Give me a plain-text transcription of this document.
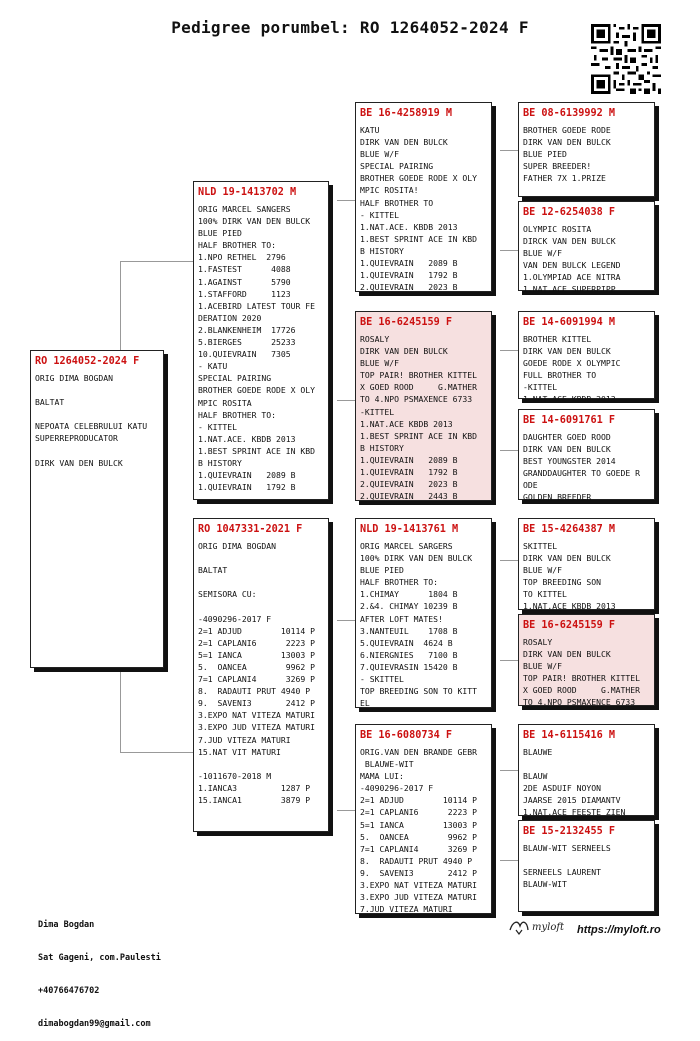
Pedigree porumbel: RO 1264052-2024 F
RO 1264052-2024 F
ORIG DIMA BOGDAN

BALTAT

NEPOATA CELEBRULUI KATU
SUPERREPRODUCATOR

DIRK VAN DEN BULCK
NLD 19-1413702 M
ORIG MARCEL SANGERS
100% DIRK VAN DEN BULCK
BLUE PIED
HALF BROTHER TO:
1.NPO RETHEL  2796
1.FASTEST      4088
1.AGAINST      5790
1.STAFFORD     1123
1.ACEBIRD LATEST TOUR FE
DERATION 2020
2.BLANKENHEIM  17726
5.BIERGES      25233
10.QUIEVRAIN   7305
- KATU
SPECIAL PAIRING
BROTHER GOEDE RODE X OLY
MPIC ROSITA
HALF BROTHER TO:
- KITTEL
1.NAT.ACE. KBDB 2013
1.BEST SPRINT ACE IN KBD
B HISTORY
1.QUIEVRAIN   2089 B
1.QUIEVRAIN   1792 B
RO 1047331-2021 F
ORIG DIMA BOGDAN

BALTAT

SEMISORA CU:

-4090296-2017 F
2=1 ADJUD        10114 P
2=1 CAPLANI6      2223 P
5=1 IANCA        13003 P
5.  OANCEA        9962 P
7=1 CAPLANI4      3269 P
8.  RADAUTI PRUT 4940 P
9.  SAVENI3       2412 P
3.EXPO NAT VITEZA MATURI
3.EXPO JUD VITEZA MATURI
7.JUD VITEZA MATURI
15.NAT VIT MATURI

-1011670-2018 M
1.IANCA3         1287 P
15.IANCA1        3879 P
BE 16-4258919 M
KATU
DIRK VAN DEN BULCK
BLUE W/F
SPECIAL PAIRING
BROTHER GOEDE RODE X OLY
MPIC ROSITA!
HALF BROTHER TO
- KITTEL
1.NAT.ACE. KBDB 2013
1.BEST SPRINT ACE IN KBD
B HISTORY
1.QUIEVRAIN   2089 B
1.QUIEVRAIN   1792 B
2.QUIEVRAIN   2023 B
BE 16-6245159 F
ROSALY
DIRK VAN DEN BULCK
BLUE W/F
TOP PAIR! BROTHER KITTEL
X GOED ROOD     G.MATHER
TO 4.NPO PSMAXENCE 6733
-KITTEL
1.NAT.ACE KBDB 2013
1.BEST SPRINT ACE IN KBD
B HISTORY
1.QUIEVRAIN   2089 B
1.QUIEVRAIN   1792 B
2.QUIEVRAIN   2023 B
2.QUIEVRAIN   2443 B
NLD 19-1413761 M
ORIG MARCEL SARGERS
100% DIRK VAN DEN BULCK
BLUE PIED
HALF BROTHER TO:
1.CHIMAY      1804 B
2.&4. CHIMAY 10239 B
AFTER LOFT MATES!
3.NANTEUIL    1708 B
5.QUIEVRAIN  4624 B
6.NIERGNIES   7100 B
7.QUIEVRASIN 15420 B
- SKITTEL
TOP BREEDING SON TO KITT
EL
BE 16-6080734 F
ORIG.VAN DEN BRANDE GEBR
BLAUWE-WIT
MAMA LUI:
-4090296-2017 F
2=1 ADJUD        10114 P
2=1 CAPLANI6      2223 P
5=1 IANCA        13003 P
5.  OANCEA        9962 P
7=1 CAPLANI4      3269 P
8.  RADAUTI PRUT 4940 P
9.  SAVENI3       2412 P
3.EXPO NAT VITEZA MATURI
3.EXPO JUD VITEZA MATURI
7.JUD VITEZA MATURI
BE 08-6139992 M
BROTHER GOEDE RODE
DIRK VAN DEN BULCK
BLUE PIED
SUPER BREEDER!
FATHER 7X 1.PRIZE
BE 12-6254038 F
OLYMPIC ROSITA
DIRCK VAN DEN BULCK
BLUE W/F
VAN DEN BULCK LEGEND
1.OLYMPIAD ACE NITRA
1.NAT.ACE SUPERPIPP
BE 14-6091994 M
BROTHER KITTEL
DIRK VAN DEN BULCK
GOEDE RODE X OLYMPIC
FULL BROTHER TO
-KITTEL
1.NAT.ACE KBDB 2013
BE 14-6091761 F
DAUGHTER GOED ROOD
DIRK VAN DEN BULCK
BEST YOUNGSTER 2014
GRANDDAUGHTER TO GOEDE R
ODE
GOLDEN BREEDER
BE 15-4264387 M
SKITTEL
DIRK VAN DEN BULCK
BLUE W/F
TOP BREEDING SON
TO KITTEL
1.NAT.ACE KBDB 2013
BE 16-6245159 F
ROSALY
DIRK VAN DEN BULCK
BLUE W/F
TOP PAIR! BROTHER KITTEL
X GOED ROOD     G.MATHER
TO 4.NPO PSMAXENCE 6733
BE 14-6115416 M
BLAUWE

BLAUW
2DE ASDUIF NOYON
JAARSE 2015 DIAMANTV
1.NAT.ACE FEESTE ZIEN
BE 15-2132455 F
BLAUW-WIT SERNEELS

SERNEELS LAURENT
BLAUW-WIT

Dima Bogdan

Sat Gageni, com.Paulesti

+40766476702

dimabogdan99@gmail.com

myloft https://myloft.ro
